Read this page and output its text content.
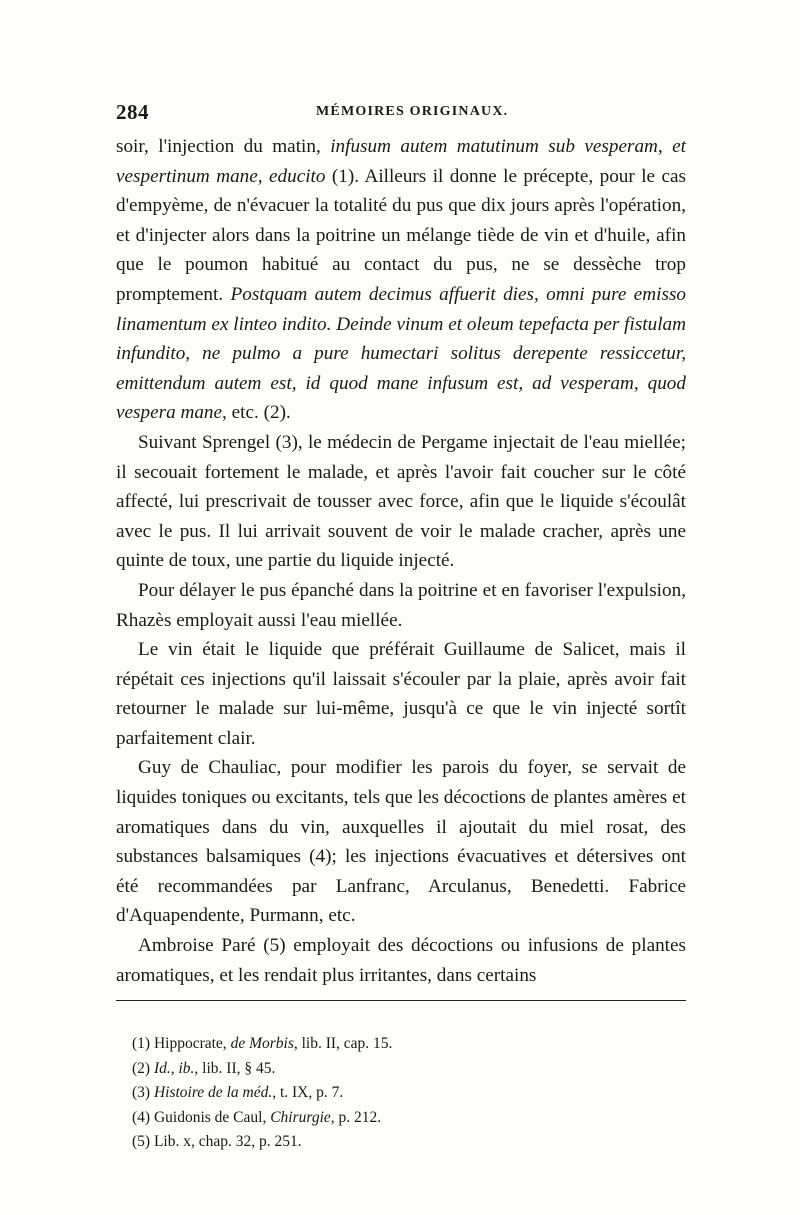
284	MÉMOIRES ORIGINAUX.

soir, l'injection du matin, infusum autem matutinum sub vesperam, et vespertinum mane, educito (1). Ailleurs il donne le précepte, pour le cas d'empyème, de n'évacuer la totalité du pus que dix jours après l'opération, et d'injecter alors dans la poitrine un mélange tiède de vin et d'huile, afin que le poumon habitué au contact du pus, ne se dessèche trop promptement. Postquam autem decimus affuerit dies, omni pure emisso linamentum ex linteo indito. Deinde vinum et oleum tepefacta per fistulam infundito, ne pulmo a pure humectari solitus derepente ressiccetur, emittendum autem est, id quod mane infusum est, ad vesperam, quod vespera mane, etc. (2).

Suivant Sprengel (3), le médecin de Pergame injectait de l'eau miellée; il secouait fortement le malade, et après l'avoir fait coucher sur le côté affecté, lui prescrivait de tousser avec force, afin que le liquide s'écoulât avec le pus. Il lui arrivait souvent de voir le malade cracher, après une quinte de toux, une partie du liquide injecté.

Pour délayer le pus épanché dans la poitrine et en favoriser l'expulsion, Rhazès employait aussi l'eau miellée.

Le vin était le liquide que préférait Guillaume de Salicet, mais il répétait ces injections qu'il laissait s'écouler par la plaie, après avoir fait retourner le malade sur lui-même, jusqu'à ce que le vin injecté sortît parfaitement clair.

Guy de Chauliac, pour modifier les parois du foyer, se servait de liquides toniques ou excitants, tels que les décoctions de plantes amères et aromatiques dans du vin, auxquelles il ajoutait du miel rosat, des substances balsamiques (4); les injections évacuatives et détersives ont été recommandées par Lanfranc, Arculanus, Benedetti. Fabrice d'Aquapendente, Purmann, etc.

Ambroise Paré (5) employait des décoctions ou infusions de plantes aromatiques, et les rendait plus irritantes, dans certains

(1) Hippocrate, de Morbis, lib. II, cap. 15.
(2) Id., ib., lib. II, § 45.
(3) Histoire de la méd., t. IX, p. 7.
(4) Guidonis de Caul, Chirurgie, p. 212.
(5) Lib. x, chap. 32, p. 251.
